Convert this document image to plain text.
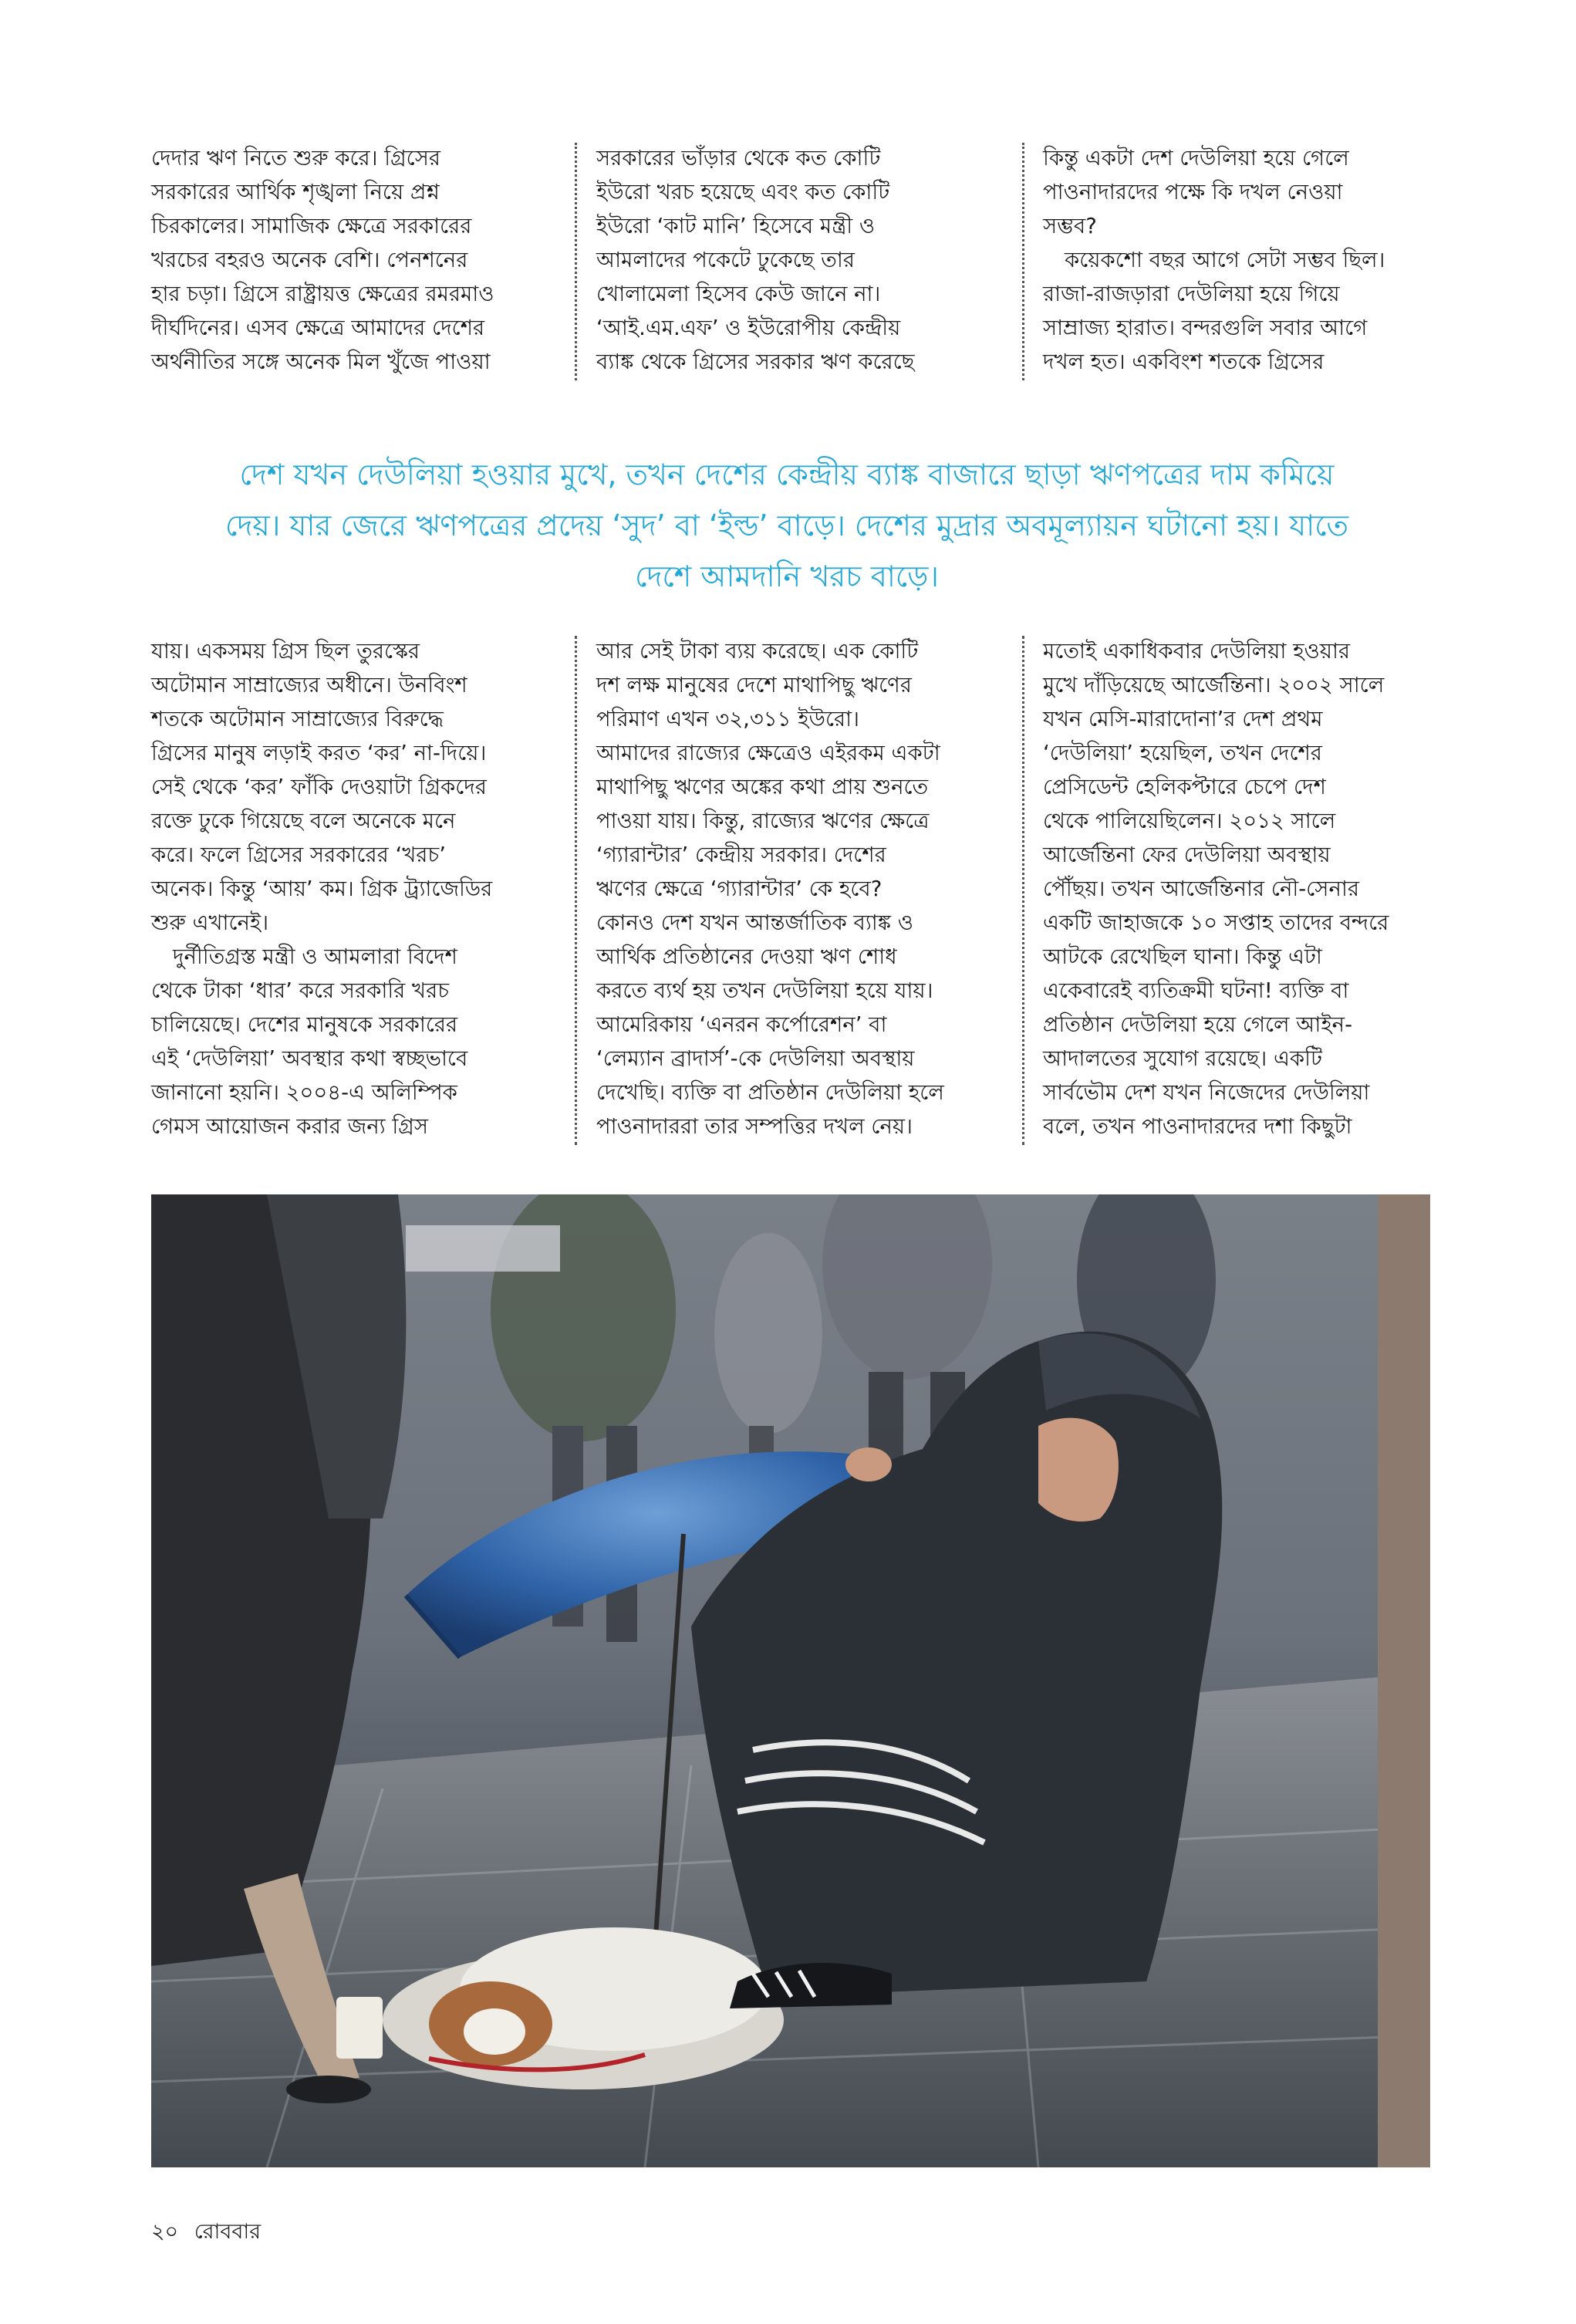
দেদার ঋণ নিতে শুরু করে। গ্রিসের
সরকারের আর্থিক শৃঙ্খলা নিয়ে প্রশ্ন
চিরকালের। সামাজিক ক্ষেত্রে সরকারের
খরচের বহরও অনেক বেশি। পেনশনের
হার চড়া। গ্রিসে রাষ্ট্রায়ত্ত ক্ষেত্রের রমরমাও
দীর্ঘদিনের। এসব ক্ষেত্রে আমাদের দেশের
অর্থনীতির সঙ্গে অনেক মিল খুঁজে পাওয়া
সরকারের ভাঁড়ার থেকে কত কোটি
ইউরো খরচ হয়েছে এবং কত কোটি
ইউরো ‘কাট মানি’ হিসেবে মন্ত্রী ও
আমলাদের পকেটে ঢুকেছে তার
খোলামেলা হিসেব কেউ জানে না।
‘আই.এম.এফ’ ও ইউরোপীয় কেন্দ্রীয়
ব্যাঙ্ক থেকে গ্রিসের সরকার ঋণ করেছে
কিন্তু একটা দেশ দেউলিয়া হয়ে গেলে
পাওনাদারদের পক্ষে কি দখল নেওয়া
সম্ভব?
কয়েকশো বছর আগে সেটা সম্ভব ছিল।
রাজা-রাজড়ারা দেউলিয়া হয়ে গিয়ে
সাম্রাজ্য হারাত। বন্দরগুলি সবার আগে
দখল হত। একবিংশ শতকে গ্রিসের
দেশ যখন দেউলিয়া হওয়ার মুখে, তখন দেশের কেন্দ্রীয় ব্যাঙ্ক বাজারে ছাড়া ঋণপত্রের দাম কমিয়ে
দেয়। যার জেরে ঋণপত্রের প্রদেয় ‘সুদ’ বা ‘ইল্ড’ বাড়ে। দেশের মুদ্রার অবমূল্যায়ন ঘটানো হয়। যাতে
দেশে আমদানি খরচ বাড়ে।
যায়। একসময় গ্রিস ছিল তুরস্কের
অটোমান সাম্রাজ্যের অধীনে। উনবিংশ
শতকে অটোমান সাম্রাজ্যের বিরুদ্ধে
গ্রিসের মানুষ লড়াই করত ‘কর’ না-দিয়ে।
সেই থেকে ‘কর’ ফাঁকি দেওয়াটা গ্রিকদের
রক্তে ঢুকে গিয়েছে বলে অনেকে মনে
করে। ফলে গ্রিসের সরকারের ‘খরচ’
অনেক। কিন্তু ‘আয়’ কম। গ্রিক ট্র্যাজেডির
শুরু এখানেই।
দুর্নীতিগ্রস্ত মন্ত্রী ও আমলারা বিদেশ
থেকে টাকা ‘ধার’ করে সরকারি খরচ
চালিয়েছে। দেশের মানুষকে সরকারের
এই ‘দেউলিয়া’ অবস্থার কথা স্বচ্ছভাবে
জানানো হয়নি। ২০০৪-এ অলিম্পিক
গেমস আয়োজন করার জন্য গ্রিস
আর সেই টাকা ব্যয় করেছে। এক কোটি
দশ লক্ষ মানুষের দেশে মাথাপিছু ঋণের
পরিমাণ এখন ৩২,৩১১ ইউরো।
আমাদের রাজ্যের ক্ষেত্রেও এইরকম একটা
মাথাপিছু ঋণের অঙ্কের কথা প্রায় শুনতে
পাওয়া যায়। কিন্তু, রাজ্যের ঋণের ক্ষেত্রে
‘গ্যারান্টার’ কেন্দ্রীয় সরকার। দেশের
ঋণের ক্ষেত্রে ‘গ্যারান্টার’ কে হবে?
কোনও দেশ যখন আন্তর্জাতিক ব্যাঙ্ক ও
আর্থিক প্রতিষ্ঠানের দেওয়া ঋণ শোধ
করতে ব্যর্থ হয় তখন দেউলিয়া হয়ে যায়।
আমেরিকায় ‘এনরন কর্পোরেশন’ বা
‘লেম্যান ব্রাদার্স’-কে দেউলিয়া অবস্থায়
দেখেছি। ব্যক্তি বা প্রতিষ্ঠান দেউলিয়া হলে
পাওনাদাররা তার সম্পত্তির দখল নেয়।
মতোই একাধিকবার দেউলিয়া হওয়ার
মুখে দাঁড়িয়েছে আর্জেন্তিনা। ২০০২ সালে
যখন মেসি-মারাদোনা’র দেশ প্রথম
‘দেউলিয়া’ হয়েছিল, তখন দেশের
প্রেসিডেন্ট হেলিকপ্টারে চেপে দেশ
থেকে পালিয়েছিলেন। ২০১২ সালে
আর্জেন্তিনা ফের দেউলিয়া অবস্থায়
পৌঁছয়। তখন আর্জেন্তিনার নৌ-সেনার
একটি জাহাজকে ১০ সপ্তাহ তাদের বন্দরে
আটকে রেখেছিল ঘানা। কিন্তু এটা
একেবারেই ব্যতিক্রমী ঘটনা! ব্যক্তি বা
প্রতিষ্ঠান দেউলিয়া হয়ে গেলে আইন-
আদালতের সুযোগ রয়েছে। একটি
সার্বভৌম দেশ যখন নিজেদের দেউলিয়া
বলে, তখন পাওনাদারদের দশা কিছুটা
২০ রোববার
